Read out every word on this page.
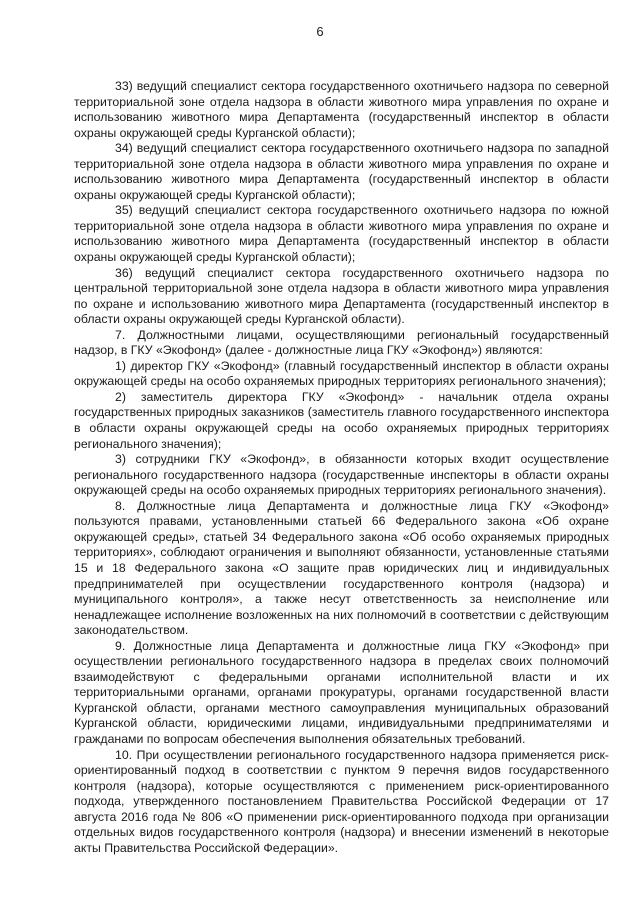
6

33) ведущий специалист сектора государственного охотничьего надзора по северной территориальной зоне отдела надзора в области животного мира управления по охране и использованию животного мира Департамента (государственный инспектор в области охраны окружающей среды Курганской области);

34) ведущий специалист сектора государственного охотничьего надзора по западной территориальной зоне отдела надзора в области животного мира управления по охране и использованию животного мира Департамента (государственный инспектор в области охраны окружающей среды Курганской области);

35) ведущий специалист сектора государственного охотничьего надзора по южной территориальной зоне отдела надзора в области животного мира управления по охране и использованию животного мира Департамента (государственный инспектор в области охраны окружающей среды Курганской области);

36) ведущий специалист сектора государственного охотничьего надзора по центральной территориальной зоне отдела надзора в области животного мира управления по охране и использованию животного мира Департамента (государственный инспектор в области охраны окружающей среды Курганской области).

7. Должностными лицами, осуществляющими региональный государственный надзор, в ГКУ «Экофонд» (далее - должностные лица ГКУ «Экофонд») являются:

1) директор ГКУ «Экофонд» (главный государственный инспектор в области охраны окружающей среды на особо охраняемых природных территориях регионального значения);

2) заместитель директора ГКУ «Экофонд» - начальник отдела охраны государственных природных заказников (заместитель главного государственного инспектора в области охраны окружающей среды на особо охраняемых природных территориях регионального значения);

3) сотрудники ГКУ «Экофонд», в обязанности которых входит осуществление регионального государственного надзора (государственные инспекторы в области охраны окружающей среды на особо охраняемых природных территориях регионального значения).

8. Должностные лица Департамента и должностные лица ГКУ «Экофонд» пользуются правами, установленными статьей 66 Федерального закона «Об охране окружающей среды», статьей 34 Федерального закона «Об особо охраняемых природных территориях», соблюдают ограничения и выполняют обязанности, установленные статьями 15 и 18 Федерального закона «О защите прав юридических лиц и индивидуальных предпринимателей при осуществлении государственного контроля (надзора) и муниципального контроля», а также несут ответственность за неисполнение или ненадлежащее исполнение возложенных на них полномочий в соответствии с действующим законодательством.

9. Должностные лица Департамента и должностные лица ГКУ «Экофонд» при осуществлении регионального государственного надзора в пределах своих полномочий взаимодействуют с федеральными органами исполнительной власти и их территориальными органами, органами прокуратуры, органами государственной власти Курганской области, органами местного самоуправления муниципальных образований Курганской области, юридическими лицами, индивидуальными предпринимателями и гражданами по вопросам обеспечения выполнения обязательных требований.

10. При осуществлении регионального государственного надзора применяется риск-ориентированный подход в соответствии с пунктом 9 перечня видов государственного контроля (надзора), которые осуществляются с применением риск-ориентированного подхода, утвержденного постановлением Правительства Российской Федерации от 17 августа 2016 года № 806 «О применении риск-ориентированного подхода при организации отдельных видов государственного контроля (надзора) и внесении изменений в некоторые акты Правительства Российской Федерации».
